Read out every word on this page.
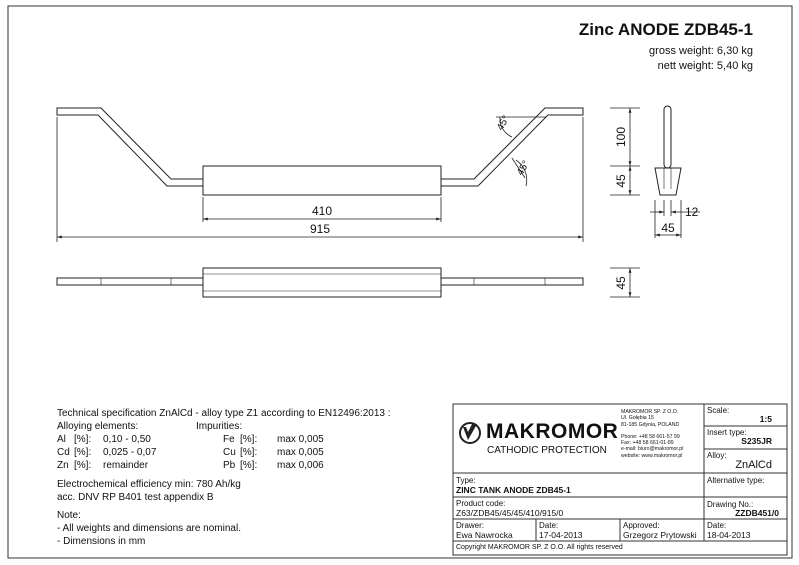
410
915
100
45
45
12
45
45°
45°
Zinc ANODE ZDB45-1
gross weight: 6,30 kg
nett weight: 5,40 kg
Technical specification ZnAlCd - alloy type Z1 according to EN12496:2013 :
Alloying elements:	Impurities:
Al [%]: 0,10 - 0,50
Cd [%]: 0,025 - 0,07
Zn [%]: remainder
Fe [%]: max 0,005
Cu [%]: max 0,005
Pb [%]: max 0,006
Electrochemical efficiency min: 780 Ah/kg
acc. DNV RP B401 test appendix B
Note:
- All weights and dimensions are nominal.
- Dimensions in mm
MAKROMOR
CATHODIC PROTECTION
MAKROMOR SP. Z O.O.
Ul. Gołębia 15
81-185 Gdynia, POLAND
Phone: +48 58 661-57 99
Fax: +48 58 661-01-89
e-mail: biuro@makromor.pl
website: www.makromor.pl
Scale:
1:5
Insert type:
S235JR
Alloy:
ZnAlCd
Alternative type:
Drawing No.:
ZZDB451/0
Type:
ZINC TANK ANODE ZDB45-1
Product code:
Z63/ZDB45/45/45/410/915/0
Drawer:
Ewa Nawrocka
Date:
17-04-2013
Approved:
Grzegorz Prytowski
Date:
18-04-2013
Copyright MAKROMOR SP. Z O.O. All rights reserved
